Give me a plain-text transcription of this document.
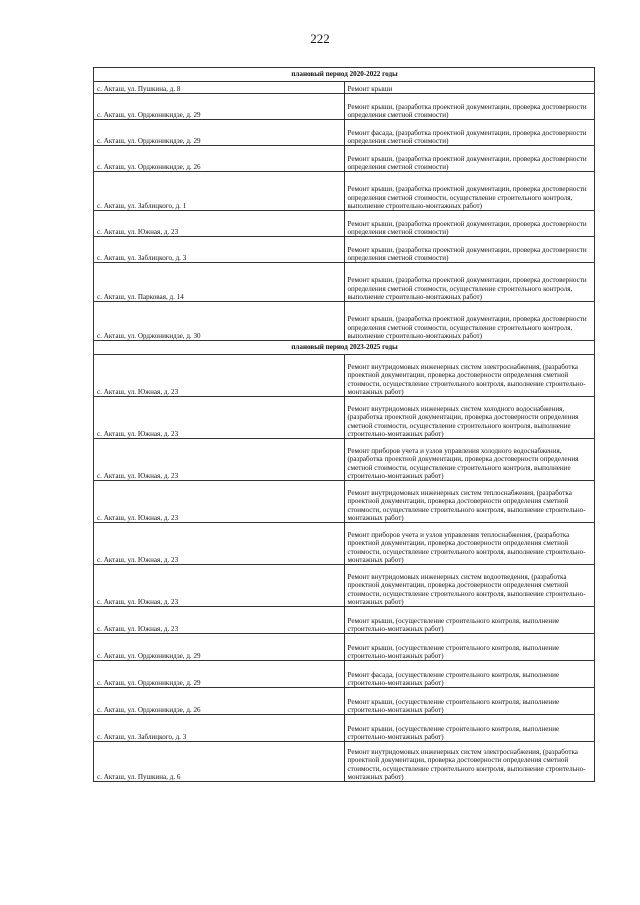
222
плановый период 2020-2022 годы	
с. Акташ, ул. Пушкина, д. 8	Ремонт крыши
с. Акташ, ул. Орджоникидзе, д. 29	Ремонт крыши, (разработка проектной документации, проверка достоверности определения сметной стоимости)
с. Акташ, ул. Орджоникидзе, д. 29	Ремонт фасада, (разработка проектной документации, проверка достоверности определения сметной стоимости)
с. Акташ, ул. Орджоникидзе, д. 26	Ремонт крыши, (разработка проектной документации, проверка достоверности определения сметной стоимости)
с. Акташ, ул. Заблицкого, д. 1	Ремонт крыши, (разработка проектной документации, проверка достоверности определения сметной стоимости, осуществление строительного контроля, выполнение строительно-монтажных работ)
с. Акташ, ул. Южная, д. 23	Ремонт крыши, (разработка проектной документации, проверка достоверности определения сметной стоимости)
с. Акташ, ул. Заблицкого, д. 3	Ремонт крыши, (разработка проектной документации, проверка достоверности определения сметной стоимости)
с. Акташ, ул. Парковая, д. 14	Ремонт крыши, (разработка проектной документации, проверка достоверности определения сметной стоимости, осуществление строительного контроля, выполнение строительно-монтажных работ)
с. Акташ, ул. Орджоникидзе, д. 30	Ремонт крыши, (разработка проектной документации, проверка достоверности определения сметной стоимости, осуществление строительного контроля, выполнение строительно-монтажных работ)
плановый период 2023-2025 годы	
с. Акташ, ул. Южная, д. 23	Ремонт внутридомовых инженерных систем электроснабжения, (разработка проектной документации, проверка достоверности определения сметной стоимости, осуществление строительного контроля, выполнение строительно-монтажных работ)
с. Акташ, ул. Южная, д. 23	Ремонт внутридомовых инженерных систем холодного водоснабжения, (разработка проектной документации, проверка достоверности определения сметной стоимости, осуществление строительного контроля, выполнение строительно-монтажных работ)
с. Акташ, ул. Южная, д. 23	Ремонт приборов учета и узлов управления холодного водоснабжения, (разработка проектной документации, проверка достоверности определения сметной стоимости, осуществление строительного контроля, выполнение строительно-монтажных работ)
с. Акташ, ул. Южная, д. 23	Ремонт внутридомовых инженерных систем теплоснабжения, (разработка проектной документации, проверка достоверности определения сметной стоимости, осуществление строительного контроля, выполнение строительно-монтажных работ)
с. Акташ, ул. Южная, д. 23	Ремонт приборов учета и узлов управления теплоснабжения, (разработка проектной документации, проверка достоверности определения сметной стоимости, осуществление строительного контроля, выполнение строительно-монтажных работ)
с. Акташ, ул. Южная, д. 23	Ремонт внутридомовых инженерных систем водоотведения, (разработка проектной документации, проверка достоверности определения сметной стоимости, осуществление строительного контроля, выполнение строительно-монтажных работ)
с. Акташ, ул. Южная, д. 23	Ремонт крыши, (осуществление строительного контроля, выполнение строительно-монтажных работ)
с. Акташ, ул. Орджоникидзе, д. 29	Ремонт крыши, (осуществление строительного контроля, выполнение строительно-монтажных работ)
с. Акташ, ул. Орджоникидзе, д. 29	Ремонт фасада, (осуществление строительного контроля, выполнение строительно-монтажных работ)
с. Акташ, ул. Орджоникидзе, д. 26	Ремонт крыши, (осуществление строительного контроля, выполнение строительно-монтажных работ)
с. Акташ, ул. Заблицкого, д. 3	Ремонт крыши, (осуществление строительного контроля, выполнение строительно-монтажных работ)
с. Акташ, ул. Пушкина, д. 6	Ремонт внутридомовых инженерных систем электроснабжения, (разработка проектной документации, проверка достоверности определения сметной стоимости, осуществление строительного контроля, выполнение строительно-монтажных работ)
